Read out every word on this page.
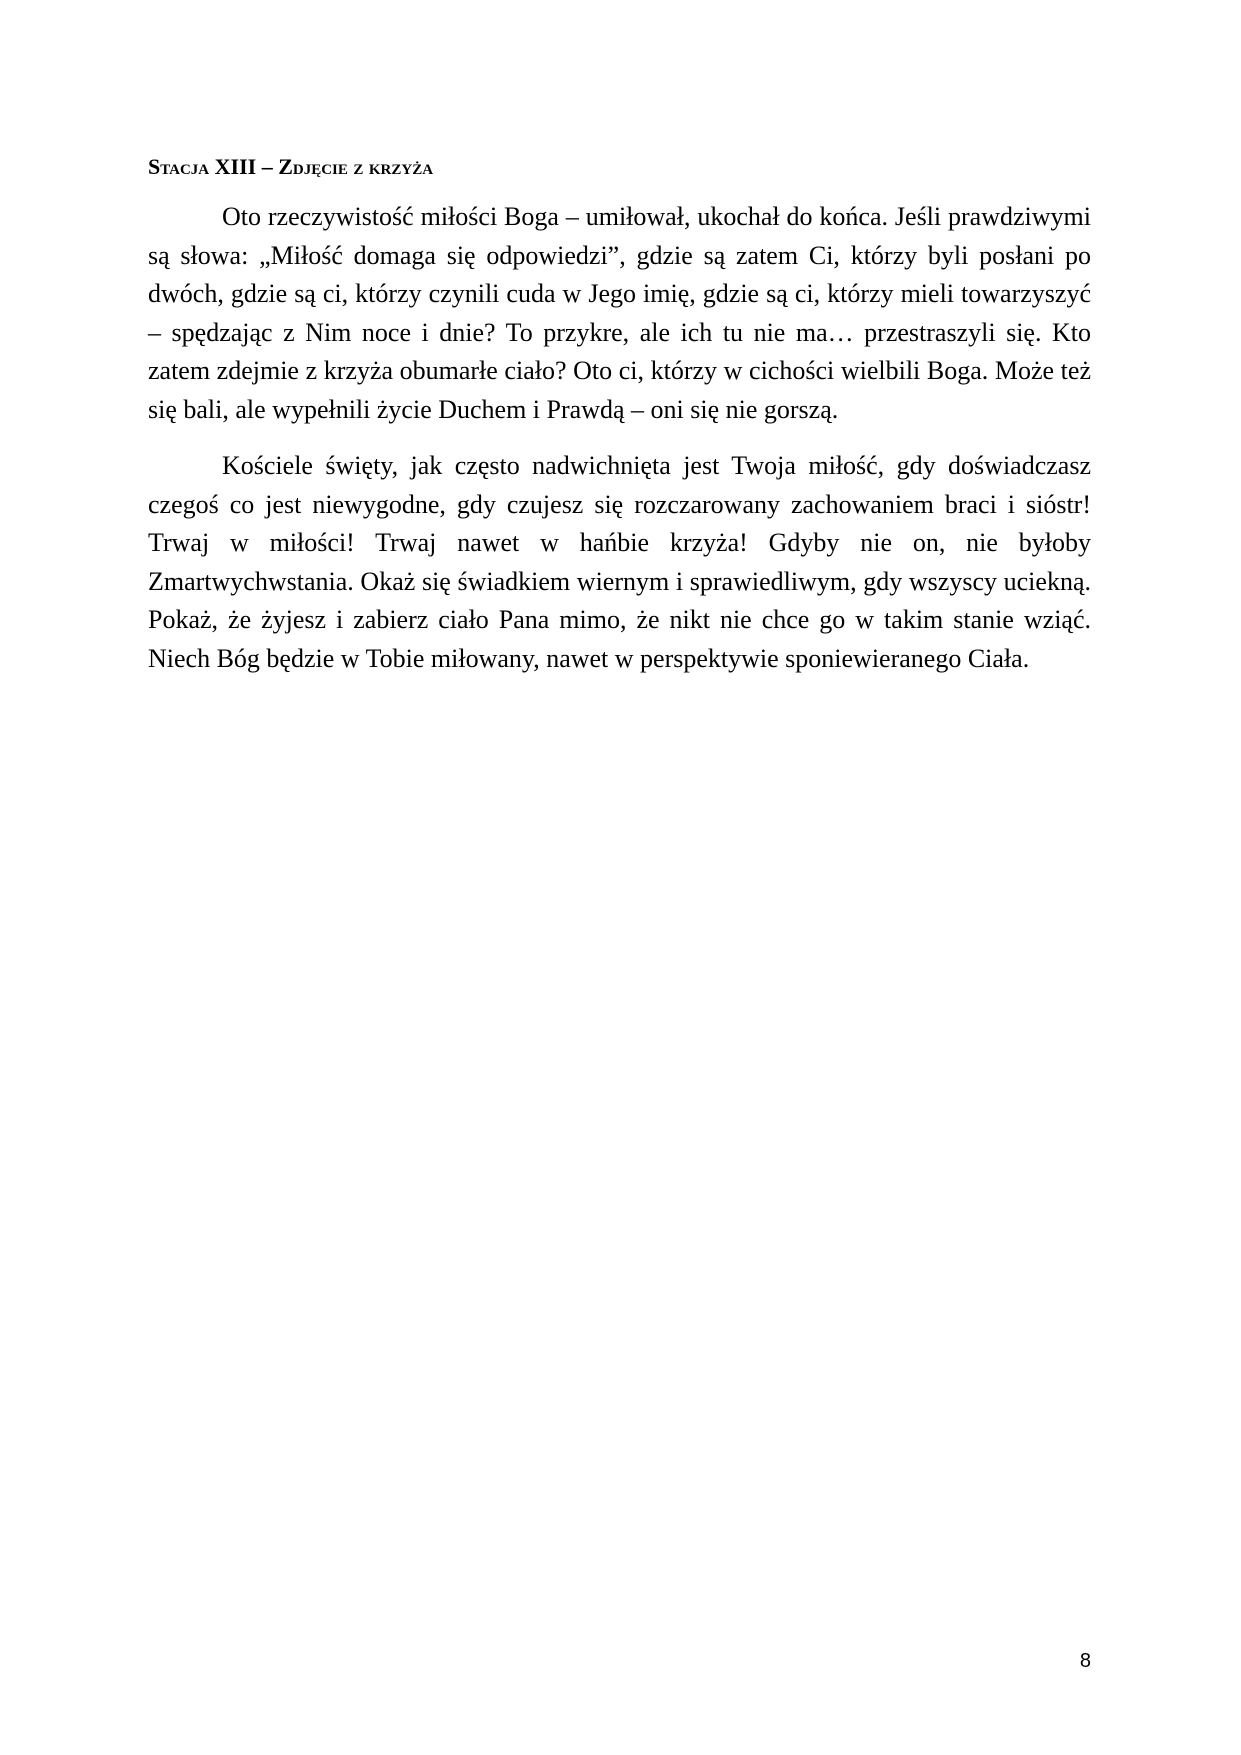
Stacja XIII – Zdjęcie z krzyża

Oto rzeczywistość miłości Boga – umiłował, ukochał do końca. Jeśli prawdziwymi są słowa: „Miłość domaga się odpowiedzi”, gdzie są zatem Ci, którzy byli posłani po dwóch, gdzie są ci, którzy czynili cuda w Jego imię, gdzie są ci, którzy mieli towarzyszyć – spędzając z Nim noce i dnie? To przykre, ale ich tu nie ma… przestraszyli się. Kto zatem zdejmie z krzyża obumarłe ciało? Oto ci, którzy w cichości wielbili Boga. Może też się bali, ale wypełnili życie Duchem i Prawdą – oni się nie gorszą.

Kościele święty, jak często nadwichnięta jest Twoja miłość, gdy doświadczasz czegoś co jest niewygodne, gdy czujesz się rozczarowany zachowaniem braci i sióstr! Trwaj w miłości! Trwaj nawet w hańbie krzyża! Gdyby nie on, nie byłoby Zmartwychwstania. Okaż się świadkiem wiernym i sprawiedliwym, gdy wszyscy uciekną. Pokaż, że żyjesz i zabierz ciało Pana mimo, że nikt nie chce go w takim stanie wziąć. Niech Bóg będzie w Tobie miłowany, nawet w perspektywie sponiewieranego Ciała.

8
